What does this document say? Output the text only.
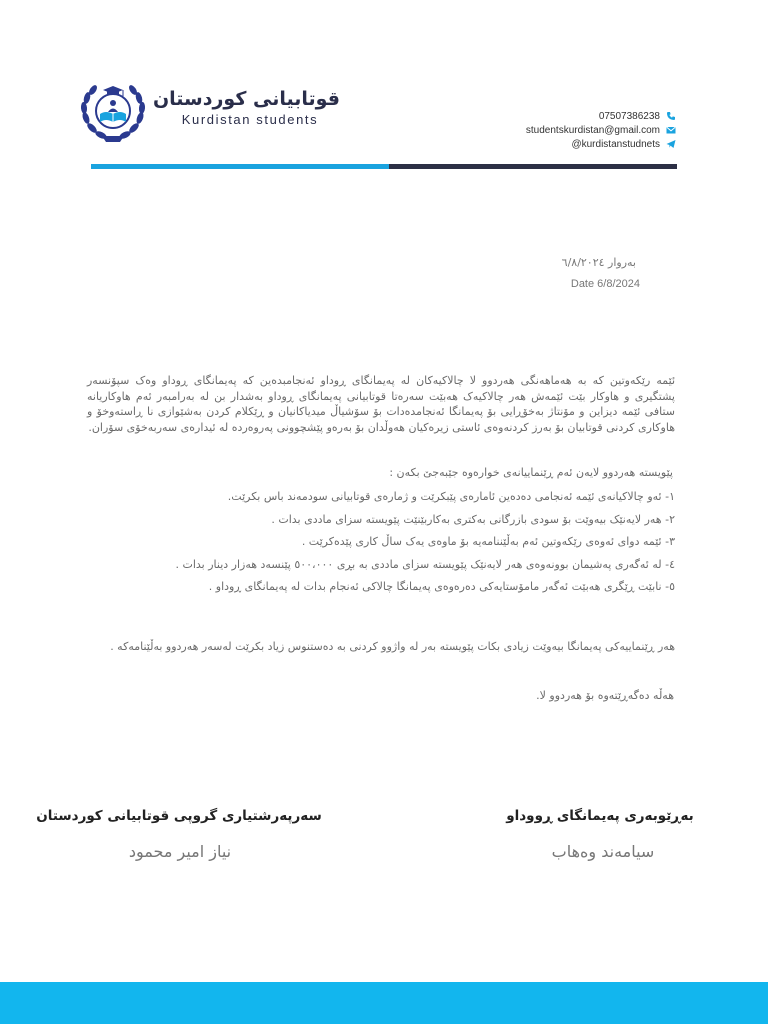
قوتابیانی کوردستان
Kurdistan students	07507386238
studentskurdistan@gmail.com
@kurdistanstudnets
بەروار ٦/٨/٢٠٢٤
Date 6/8/2024

ئێمە رێکەوتین کە بە هەماهەنگی هەردوو لا چالاکیەکان لە پەیمانگای ڕوداو ئەنجامبدەین کە پەیمانگای ڕوداو وەک سپۆنسەر پشتگیری و هاوکار بێت ئێمەش هەر چالاکیەک هەبێت سەرەتا قوتابیانی پەیمانگای ڕوداو بەشدار بن لە بەرامبەر ئەم هاوکاریانە ستافی ئێمە دیزاین و مۆنتاژ بەخۆڕایی بۆ پەیمانگا ئەنجامدەدات بۆ سۆشیاڵ میدیاکانیان و ڕێکلام کردن بەشێوازی نا ڕاستەوخۆ و هاوکاری کردنی قوتابیان بۆ بەرز کردنەوەی ئاستی زیرەکیان هەوڵدان بۆ بەرەو پێشچوونی پەروەردە لە ئیدارەی سەربەخۆی سۆران.

پێویستە هەردوو لایەن ئەم ڕێنماییانەی خوارەوە جێبەجێ بکەن :
١- ئەو چالاکیانەی ئێمە ئەنجامی دەدەین ئامارەی پێبکرێت و ژمارەی قوتابیانی سودمەند باس بکرێت.
٢- هەر لایەنێک بیەوێت بۆ سودی بازرگانی بەکتری بەکاربێنێت پێویستە سزای ماددی بدات .
٣- ئێمە دوای ئەوەی رێکەوتین ئەم بەڵێننامەیە بۆ ماوەی یەک ساڵ کاری پێدەکرێت .
٤- لە ئەگەری پەشیمان بوونەوەی هەر لایەنێک پێویستە سزای ماددی بە بڕی ٥٠٠،٠٠٠ پێنسەد هەزار دینار بدات .
٥- نابێت ڕێگری هەبێت ئەگەر مامۆستایەکی دەرەوەی پەیمانگا چالاکی ئەنجام بدات لە پەیمانگای ڕوداو .

هەر ڕێنماییەکی پەیمانگا بیەوێت زیادی بکات پێویستە بەر لە واژوو کردنی بە دەستنوس زیاد بکرێت لەسەر هەردوو بەڵێنامەکە .

هەڵە دەگەڕێتەوە بۆ هەردوو لا.
سەرپەرشتیاری گروپی قوتابیانی کوردستان
نیاز امیر محمود
بەڕێوبەری پەیمانگای ڕووداو
سیامەند وەهاب
